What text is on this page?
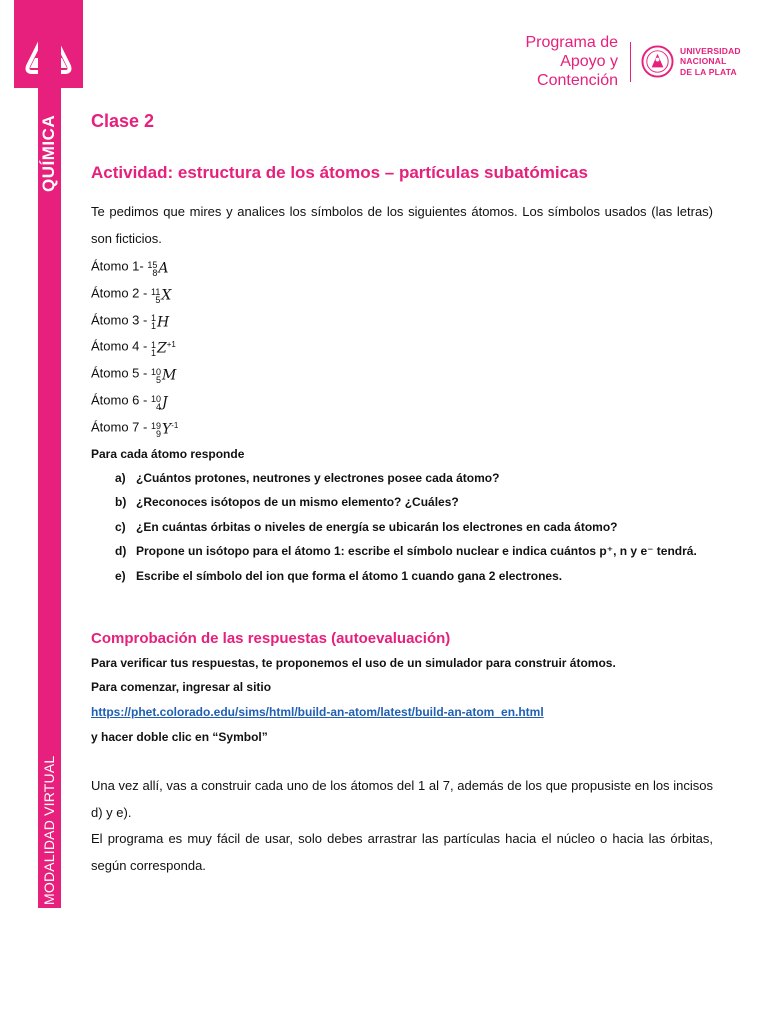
QUÍMICA
MODALIDAD VIRTUAL
Programa de
Apoyo y Contención
UNIVERSIDAD
NACIONAL
DE LA PLATA
Clase 2
Actividad: estructura de los átomos – partículas subatómicas
Te pedimos que mires y analices los símbolos de los siguientes átomos. Los símbolos usados (las letras) son ficticios.
Átomo 1- 15
8 A
Átomo 2 - 11
5 X
Átomo 3 - 1
1 H
Átomo 4 - 1
1 $Z^{+1}$
Átomo 5 - 10
5 M
Átomo 6 - 10
4 J
Átomo 7 - 19
9 $Y^{-1}$
Para cada átomo responde
a) ¿Cuántos protones, neutrones y electrones posee cada átomo?
b) ¿Reconoces isótopos de un mismo elemento? ¿Cuáles?
c) ¿En cuántas órbitas o niveles de energía se ubicarán los electrones en cada átomo?
d) Propone un isótopo para el átomo 1: escribe el símbolo nuclear e indica cuántos p⁺, n y e⁻ tendrá.
e) Escribe el símbolo del ion que forma el átomo 1 cuando gana 2 electrones.
Comprobación de las respuestas (autoevaluación)
Para verificar tus respuestas, te proponemos el uso de un simulador para construir átomos.
Para comenzar, ingresar al sitio
https://phet.colorado.edu/sims/html/build-an-atom/latest/build-an-atom_en.html
y hacer doble clic en “Symbol”
Una vez allí, vas a construir cada uno de los átomos del 1 al 7, además de los que propusiste en los incisos d) y e).
El programa es muy fácil de usar, solo debes arrastrar las partículas hacia el núcleo o hacia las órbitas, según corresponda.
